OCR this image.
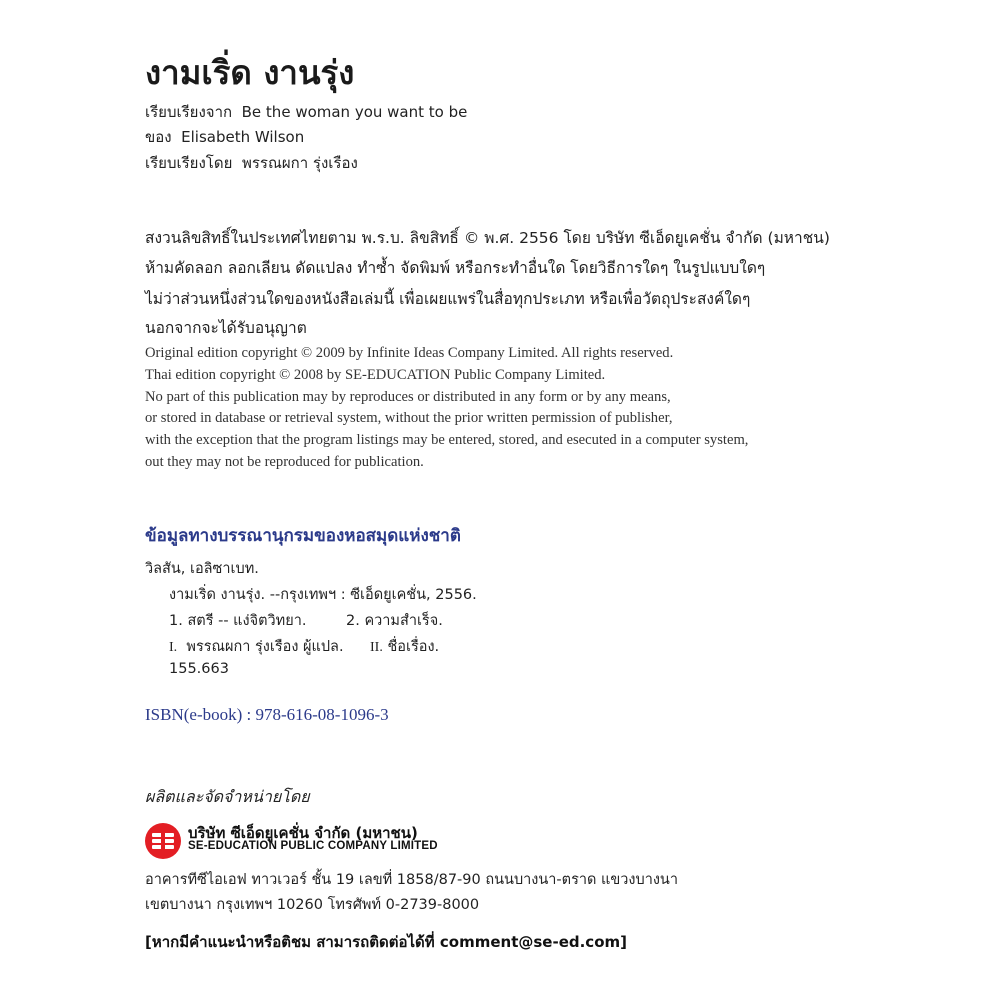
งามเริ่ด งานรุ่ง
เรียบเรียงจาก Be the woman you want to be
ของ Elisabeth Wilson
เรียบเรียงโดย พรรณผกา รุ่งเรือง
สงวนลิขสิทธิ์ในประเทศไทยตาม พ.ร.บ. ลิขสิทธิ์ © พ.ศ. 2556 โดย บริษัท ซีเอ็ดยูเคชั่น จำกัด (มหาชน)
ห้ามคัดลอก ลอกเลียน ดัดแปลง ทำซ้ำ จัดพิมพ์ หรือกระทำอื่นใด โดยวิธีการใดๆ ในรูปแบบใดๆ
ไม่ว่าส่วนหนึ่งส่วนใดของหนังสือเล่มนี้ เพื่อเผยแพร่ในสื่อทุกประเภท หรือเพื่อวัตถุประสงค์ใดๆ
นอกจากจะได้รับอนุญาต
Original edition copyright © 2009 by Infinite Ideas Company Limited. All rights reserved.
Thai edition copyright © 2008 by SE-EDUCATION Public Company Limited.
No part of this publication may by reproduces or distributed in any form or by any means,
or stored in database or retrieval system, without the prior written permission of publisher,
with the exception that the program listings may be entered, stored, and esecuted in a computer system,
out they may not be reproduced for publication.
ข้อมูลทางบรรณานุกรมของหอสมุดแห่งชาติ
วิลสัน, เอลิซาเบท.
งามเริ่ด งานรุ่ง. --กรุงเทพฯ : ซีเอ็ดยูเคชั่น, 2556.
1. สตรี -- แง่จิตวิทยา.	2. ความสำเร็จ.
I. พรรณผกา รุ่งเรือง ผู้แปล. II. ชื่อเรื่อง.
155.663
ISBN(e-book) : 978-616-08-1096-3
ผลิตและจัดจำหน่ายโดย
บริษัท ซีเอ็ดยูเคชั่น จำกัด (มหาชน)
SE-EDUCATION PUBLIC COMPANY LIMITED
อาคารทีซีไอเอฟ ทาวเวอร์ ชั้น 19 เลขที่ 1858/87-90 ถนนบางนา-ตราด แขวงบางนา
เขตบางนา กรุงเทพฯ 10260 โทรศัพท์ 0-2739-8000
[หากมีคำแนะนำหรือติชม สามารถติดต่อได้ที่ comment@se-ed.com]
